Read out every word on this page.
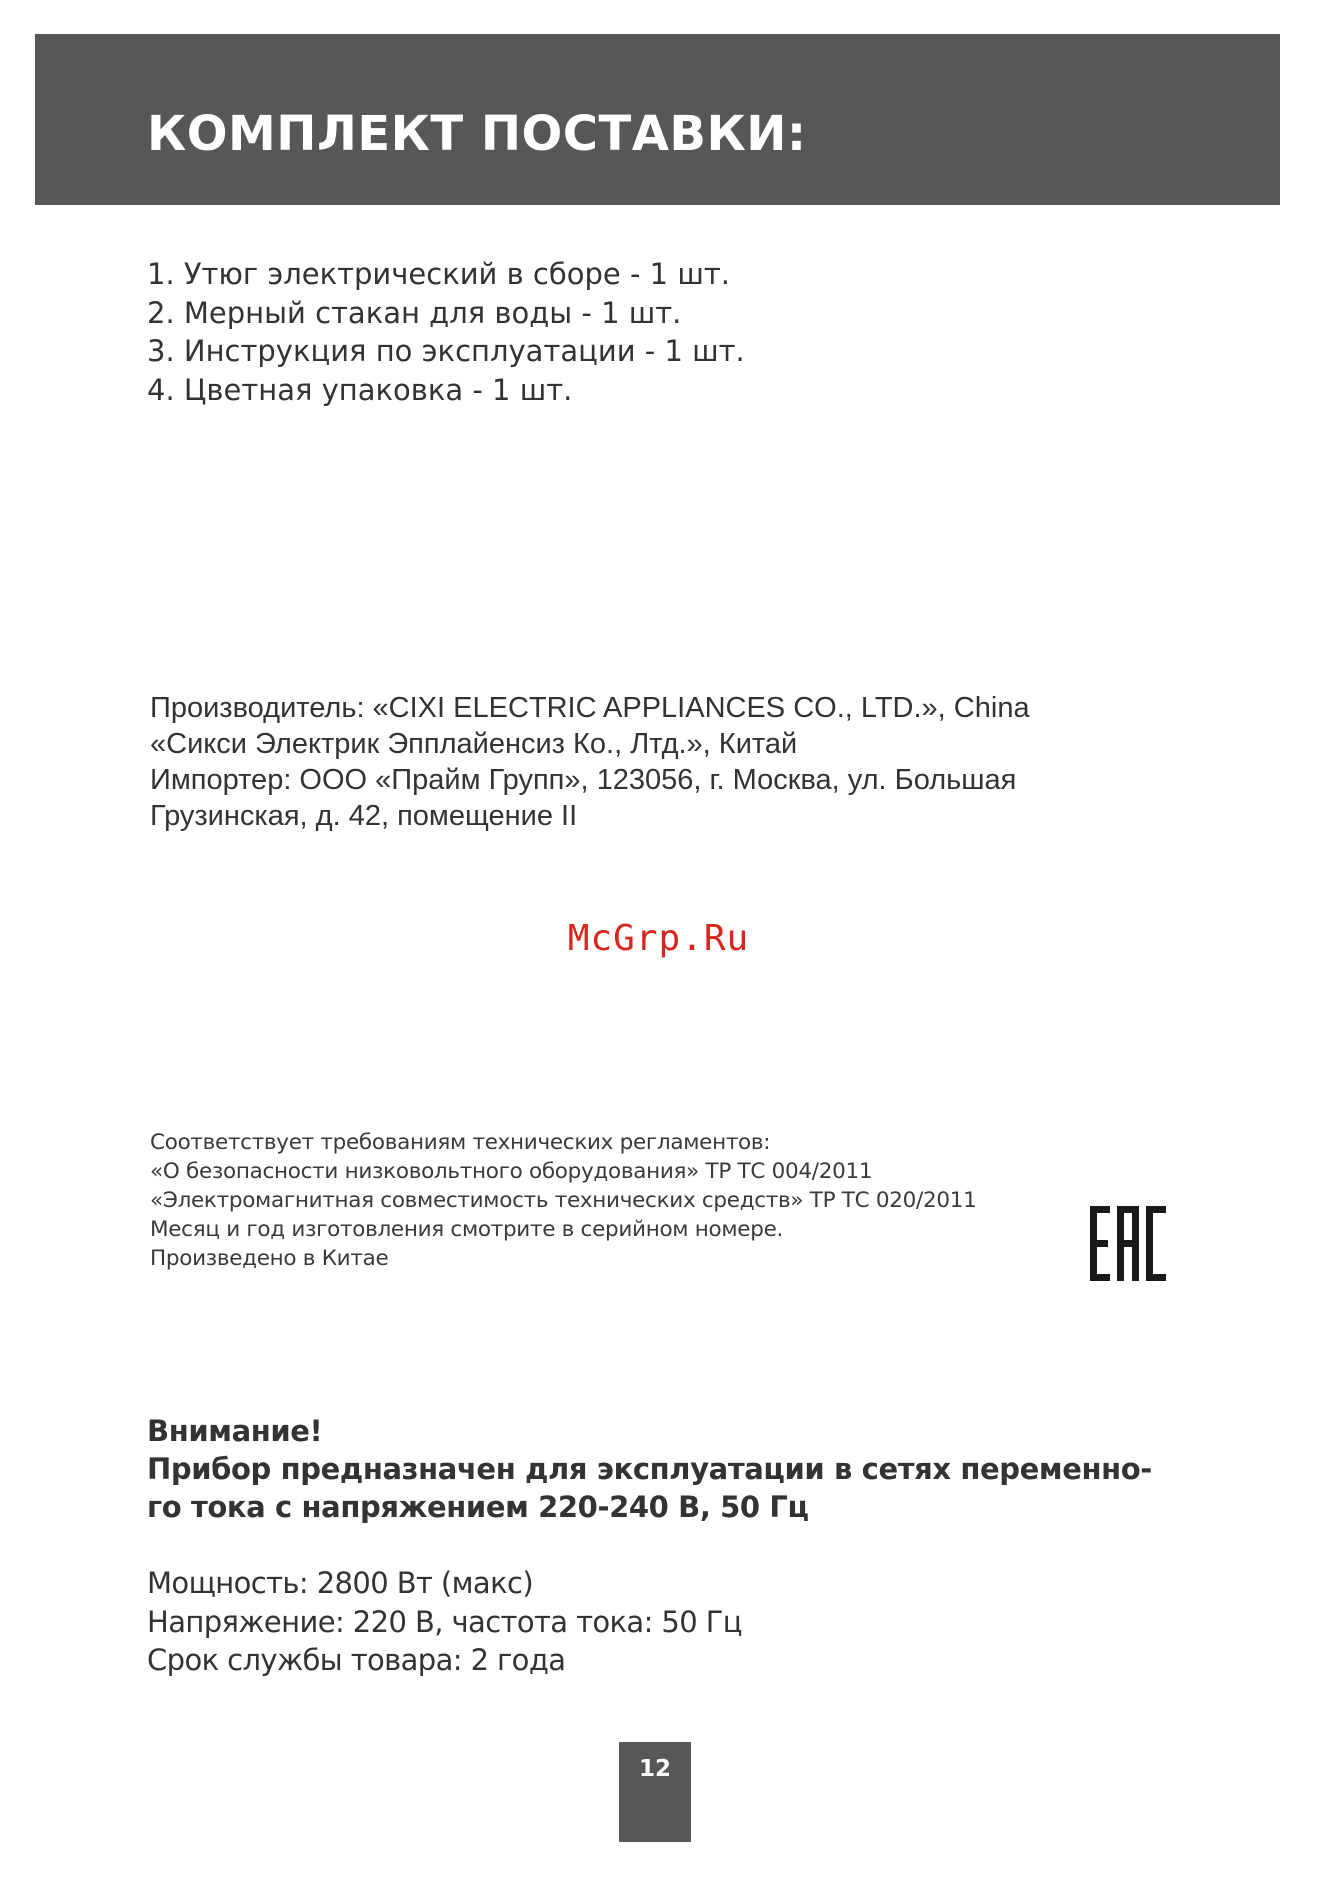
КОМПЛЕКТ ПОСТАВКИ:
1. Утюг электрический в сборе - 1 шт.
2. Мерный стакан для воды - 1 шт.
3. Инструкция по эксплуатации - 1 шт.
4. Цветная упаковка - 1 шт.
Производитель: «CIXI ELECTRIC APPLIANCES CO., LTD.», China
«Сикси Электрик Эпплайенсиз Ко., Лтд.», Китай
Импортер: ООО «Прайм Групп», 123056, г. Москва, ул. Большая
Грузинская, д. 42, помещение II
McGrp.Ru
Соответствует требованиям технических регламентов:
«О безопасности низковольтного оборудования» ТР ТС 004/2011
«Электромагнитная совместимость технических средств» ТР ТС 020/2011
Месяц и год изготовления смотрите в серийном номере.
Произведено в Китае
Внимание!
Прибор предназначен для эксплуатации в сетях переменно-
го тока с напряжением 220-240 В, 50 Гц
Мощность: 2800 Вт (макс)
Напряжение: 220 В, частота тока: 50 Гц
Срок службы товара: 2 года
12
